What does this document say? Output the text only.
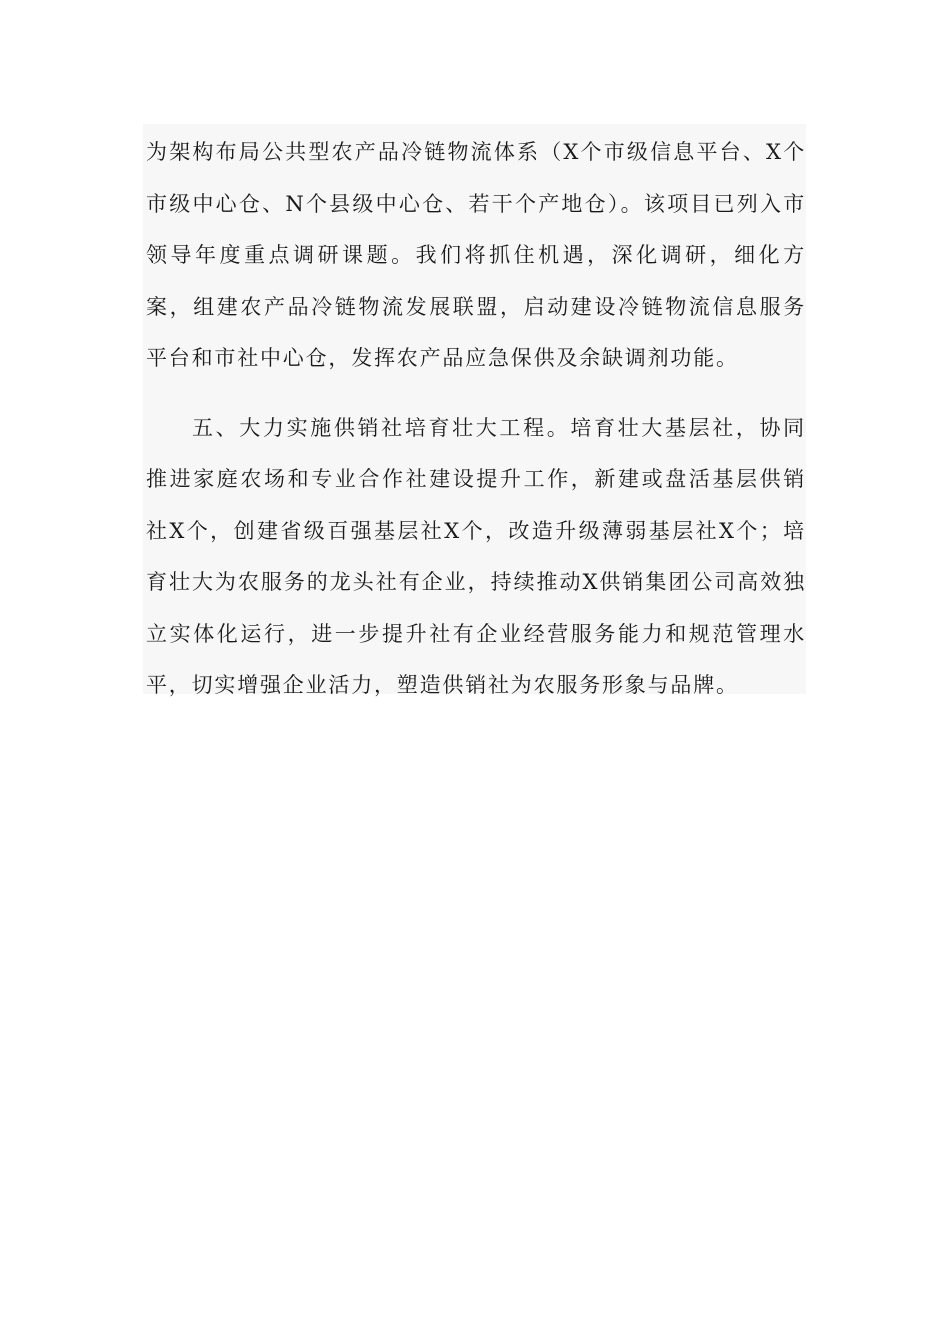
为架构布局公共型农产品冷链物流体系（X个市级信息平台、X个市级中心仓、N个县级中心仓、若干个产地仓）。该项目已列入市领导年度重点调研课题。我们将抓住机遇，深化调研，细化方案，组建农产品冷链物流发展联盟，启动建设冷链物流信息服务平台和市社中心仓，发挥农产品应急保供及余缺调剂功能。

五、大力实施供销社培育壮大工程。培育壮大基层社，协同推进家庭农场和专业合作社建设提升工作，新建或盘活基层供销社X个，创建省级百强基层社X个，改造升级薄弱基层社X个；培育壮大为农服务的龙头社有企业，持续推动X供销集团公司高效独立实体化运行，进一步提升社有企业经营服务能力和规范管理水平，切实增强企业活力，塑造供销社为农服务形象与品牌。
